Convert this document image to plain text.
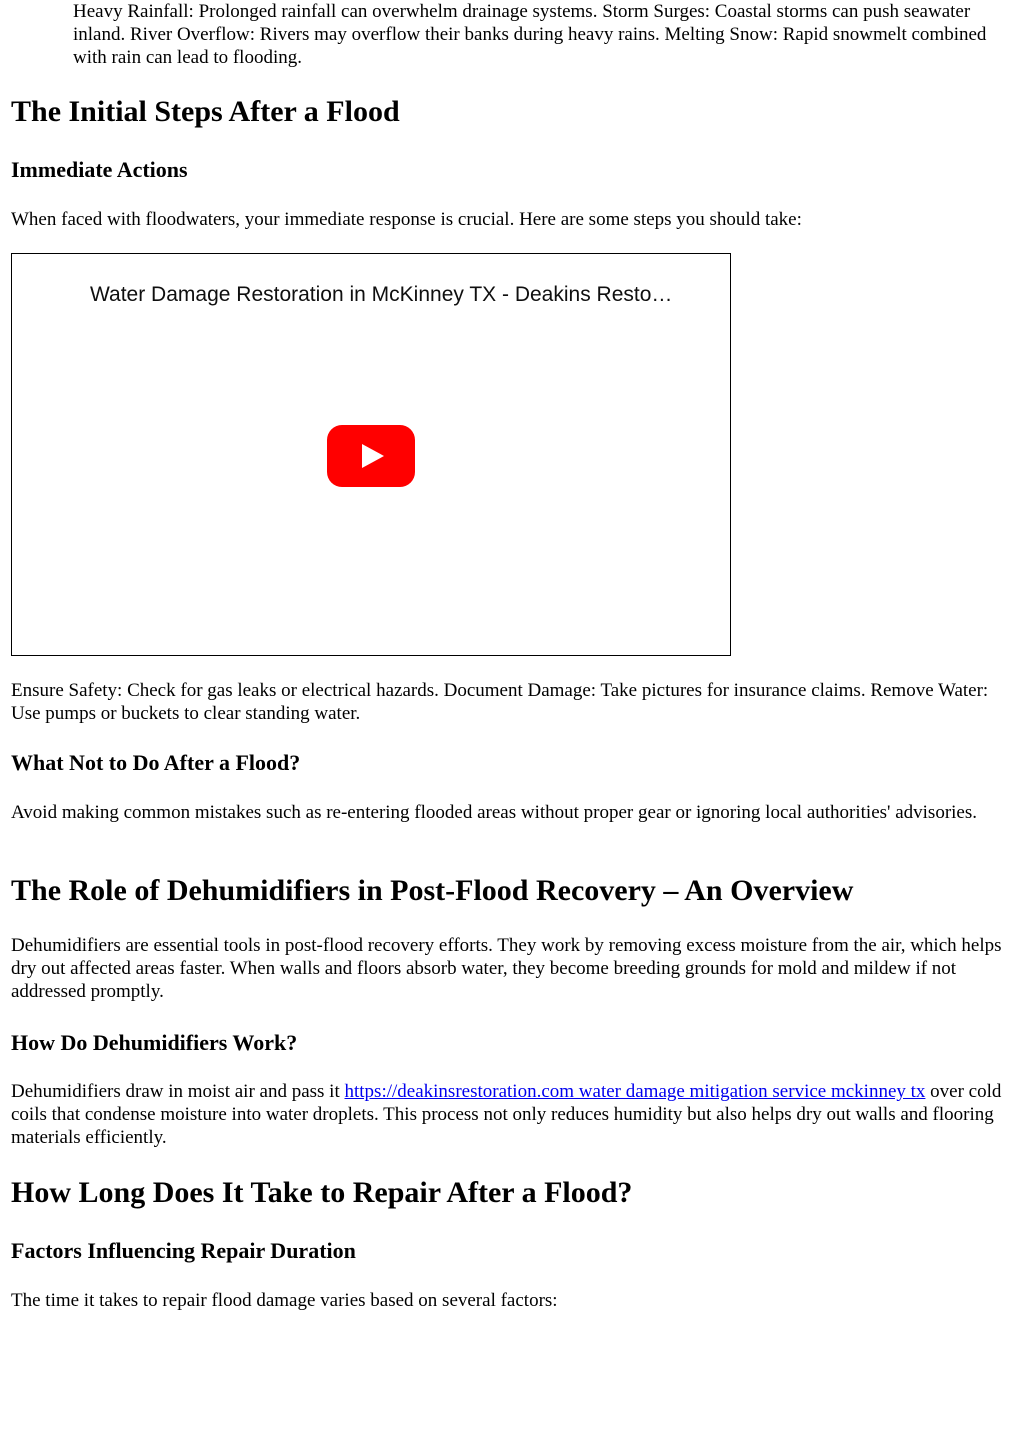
Heavy Rainfall: Prolonged rainfall can overwhelm drainage systems. Storm Surges: Coastal storms can push seawater inland. River Overflow: Rivers may overflow their banks during heavy rains. Melting Snow: Rapid snowmelt combined with rain can lead to flooding.

The Initial Steps After a Flood
Immediate Actions

When faced with floodwaters, your immediate response is crucial. Here are some steps you should take:

Water Damage Restoration in McKinney TX - Deakins Resto…

Ensure Safety: Check for gas leaks or electrical hazards. Document Damage: Take pictures for insurance claims. Remove Water: Use pumps or buckets to clear standing water.

What Not to Do After a Flood?

Avoid making common mistakes such as re-entering flooded areas without proper gear or ignoring local authorities' advisories.

The Role of Dehumidifiers in Post-Flood Recovery – An Overview

Dehumidifiers are essential tools in post-flood recovery efforts. They work by removing excess moisture from the air, which helps dry out affected areas faster. When walls and floors absorb water, they become breeding grounds for mold and mildew if not addressed promptly.

How Do Dehumidifiers Work?

Dehumidifiers draw in moist air and pass it https://deakinsrestoration.com water damage mitigation service mckinney tx over cold coils that condense moisture into water droplets. This process not only reduces humidity but also helps dry out walls and flooring materials efficiently.

How Long Does It Take to Repair After a Flood?
Factors Influencing Repair Duration

The time it takes to repair flood damage varies based on several factors:
